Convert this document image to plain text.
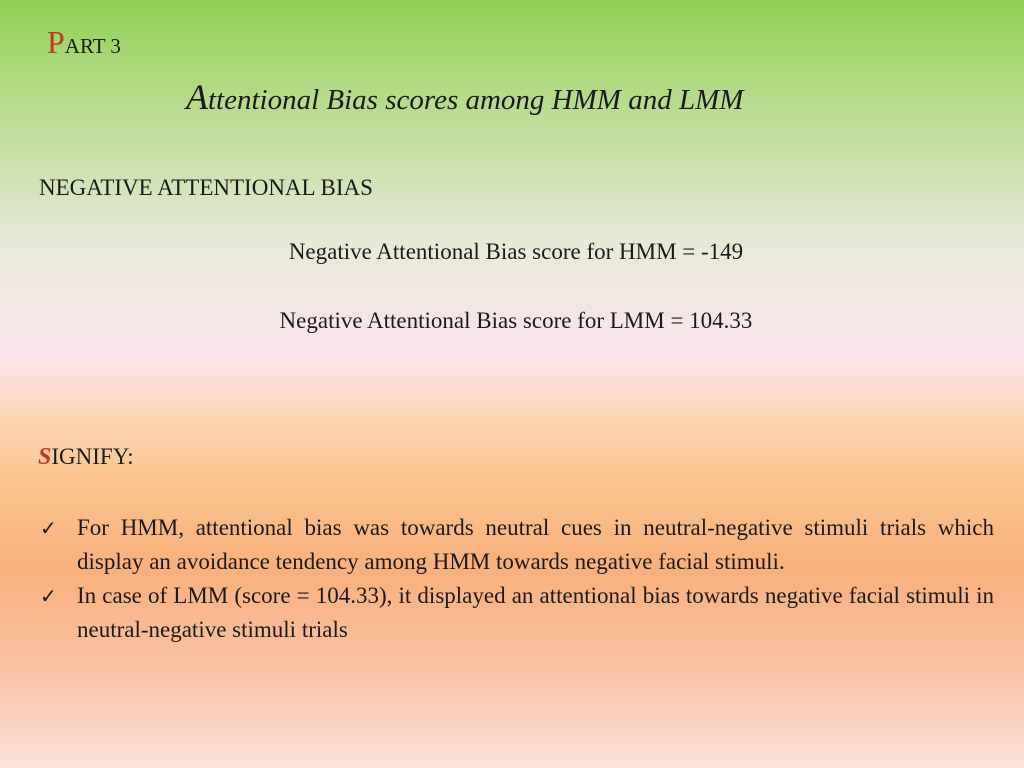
PART 3
Attentional Bias scores among HMM and LMM
NEGATIVE ATTENTIONAL BIAS
Negative Attentional Bias score for HMM = -149
Negative Attentional Bias score for LMM = 104.33
SIGNIFY:
✓ For HMM, attentional bias was towards neutral cues in neutral-negative stimuli trials which display an avoidance tendency among HMM towards negative facial stimuli.
✓ In case of LMM (score = 104.33), it displayed an attentional bias towards negative facial stimuli in neutral-negative stimuli trials
